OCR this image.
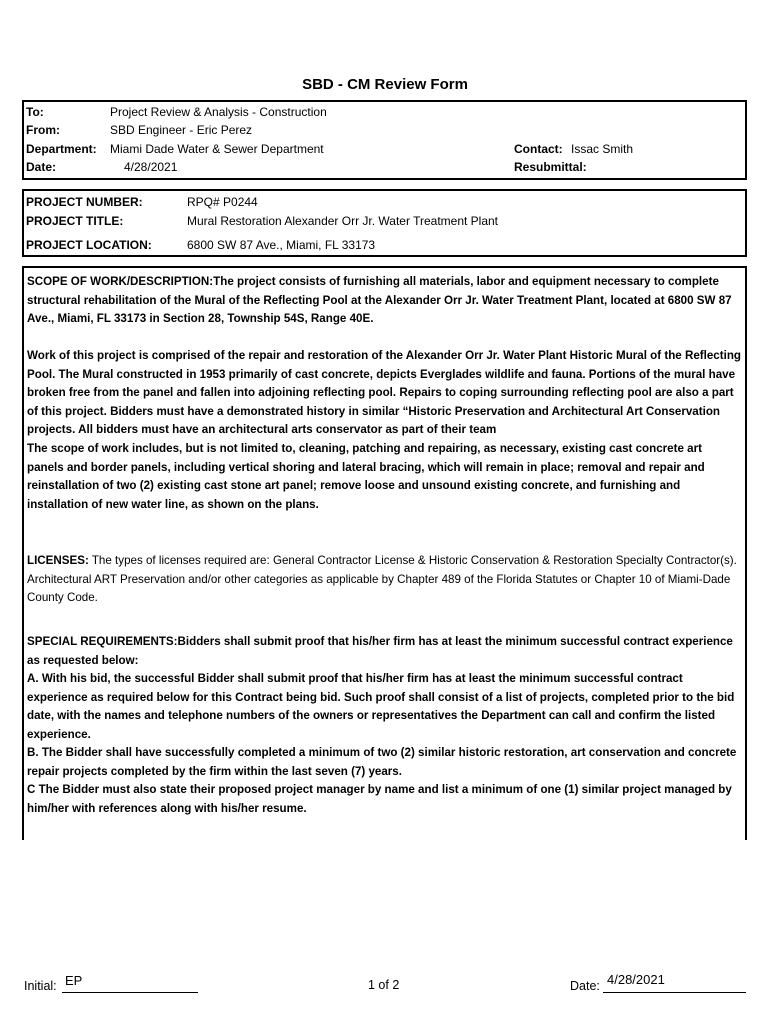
SBD - CM Review Form
To:	Project Review & Analysis - Construction
From:	SBD Engineer - Eric Perez
Department: Miami Dade Water & Sewer Department	Contact: Issac Smith
Date:	4/28/2021	Resubmittal:
PROJECT NUMBER:	RPQ# P0244
PROJECT TITLE:	Mural Restoration Alexander Orr Jr. Water Treatment Plant
PROJECT LOCATION:	6800 SW 87 Ave., Miami, FL 33173
SCOPE OF WORK/DESCRIPTION:The project consists of furnishing all materials, labor and equipment necessary to complete structural rehabilitation of the Mural of the Reflecting Pool at the Alexander Orr Jr. Water Treatment Plant, located at 6800 SW 87 Ave., Miami, FL 33173 in Section 28, Township 54S, Range 40E.
Work of this project is comprised of the repair and restoration of the Alexander Orr Jr. Water Plant Historic Mural of the Reflecting Pool. The Mural constructed in 1953 primarily of cast concrete, depicts Everglades wildlife and fauna. Portions of the mural have broken free from the panel and fallen into adjoining reflecting pool. Repairs to coping surrounding reflecting pool are also a part of this project. Bidders must have a demonstrated history in similar “Historic Preservation and Architectural Art Conservation projects. All bidders must have an architectural arts conservator as part of their team
The scope of work includes, but is not limited to, cleaning, patching and repairing, as necessary, existing cast concrete art panels and border panels, including vertical shoring and lateral bracing, which will remain in place; removal and repair and reinstallation of two (2) existing cast stone art panel; remove loose and unsound existing concrete, and furnishing and installation of new water line, as shown on the plans.
LICENSES: The types of licenses required are: General Contractor License & Historic Conservation & Restoration Specialty Contractor(s). Architectural ART Preservation and/or other categories as applicable by Chapter 489 of the Florida Statutes or Chapter 10 of Miami-Dade County Code.
SPECIAL REQUIREMENTS:Bidders shall submit proof that his/her firm has at least the minimum successful contract experience as requested below:
A. With his bid, the successful Bidder shall submit proof that his/her firm has at least the minimum successful contract experience as required below for this Contract being bid. Such proof shall consist of a list of projects, completed prior to the bid date, with the names and telephone numbers of the owners or representatives the Department can call and confirm the listed experience.
B. The Bidder shall have successfully completed a minimum of two (2) similar historic restoration, art conservation and concrete repair projects completed by the firm within the last seven (7) years.
C The Bidder must also state their proposed project manager by name and list a minimum of one (1) similar project managed by him/her with references along with his/her resume.
Initial: EP	1 of 2	Date: 4/28/2021
